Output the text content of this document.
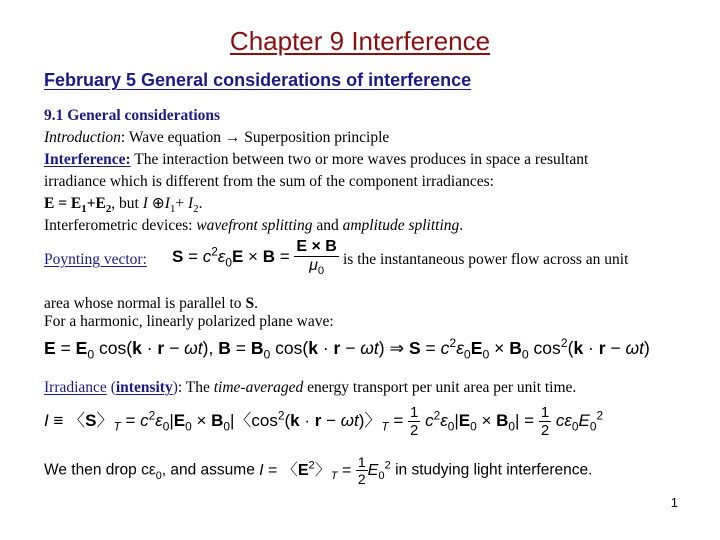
Chapter 9 Interference
February 5 General considerations of interference
9.1 General considerations
Introduction: Wave equation → Superposition principle
Interference: The interaction between two or more waves produces in space a resultant
irradiance which is different from the sum of the component irradiances:
$E = E_1+E_2$, but I $\oplus I_1+ I_2$.
Interferometric devices: wavefront splitting and amplitude splitting.
Poynting vector: $S = c^2\varepsilon_0E \times B = \frac{E \times B}{\mu_0}$ is the instantaneous power flow across an unit
area whose normal is parallel to S.
For a harmonic, linearly polarized plane wave:
$E = E_0$ cos(k · r − ωt), $B = B_0$ cos(k · r − ωt) ⇒ $S = c^2\varepsilon_0E_0 \times B_0$ $\cos^2(k \cdot r - \omega t)$
Irradiance (intensity): The time-averaged energy transport per unit area per unit time.
I ≡ 〈S〉$_T = c^2\varepsilon_0|E_0 \times B_0|$〈$\cos^2(k \cdot r - \omega t)$〉$_T = \frac{1}{2} c^2\varepsilon_0|E_0 \times B_0| = \frac{1}{2} c\varepsilon_0E_0^2$
We then drop $c\varepsilon_0$, and assume I = 〈$E^2$〉$_T = \frac{1}{2} E_0^2$ in studying light interference.
1
